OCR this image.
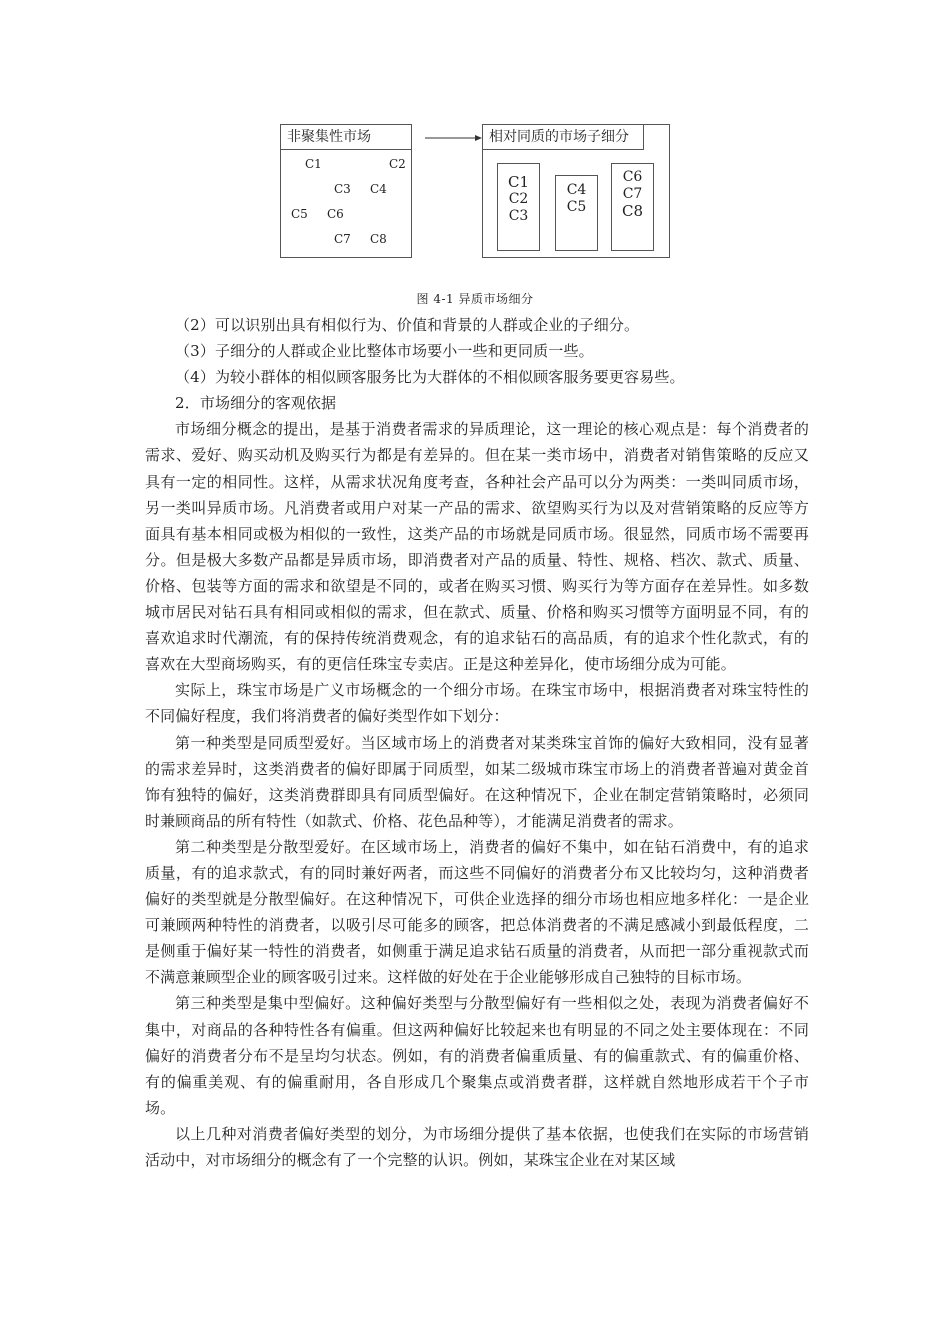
非聚集性市场
C1	C2
C3 C4
C5 C6
C7 C8
相对同质的市场子细分
C1
C2
C3
C4
C5
C6
C7
C8
图 4-1 异质市场细分

（2）可以识别出具有相似行为、价值和背景的人群或企业的子细分。

（3）子细分的人群或企业比整体市场要小一些和更同质一些。

（4）为较小群体的相似顾客服务比为大群体的不相似顾客服务要更容易些。

2．市场细分的客观依据

市场细分概念的提出，是基于消费者需求的异质理论，这一理论的核心观点是：每个消费者的需求、爱好、购买动机及购买行为都是有差异的。但在某一类市场中，消费者对销售策略的反应又具有一定的相同性。这样，从需求状况角度考查，各种社会产品可以分为两类：一类叫同质市场，另一类叫异质市场。凡消费者或用户对某一产品的需求、欲望购买行为以及对营销策略的反应等方面具有基本相同或极为相似的一致性，这类产品的市场就是同质市场。很显然，同质市场不需要再分。但是极大多数产品都是异质市场，即消费者对产品的质量、特性、规格、档次、款式、质量、价格、包装等方面的需求和欲望是不同的，或者在购买习惯、购买行为等方面存在差异性。如多数城市居民对钻石具有相同或相似的需求，但在款式、质量、价格和购买习惯等方面明显不同，有的喜欢追求时代潮流，有的保持传统消费观念，有的追求钻石的高品质，有的追求个性化款式，有的喜欢在大型商场购买，有的更信任珠宝专卖店。正是这种差异化，使市场细分成为可能。

实际上，珠宝市场是广义市场概念的一个细分市场。在珠宝市场中，根据消费者对珠宝特性的不同偏好程度，我们将消费者的偏好类型作如下划分：

第一种类型是同质型爱好。当区域市场上的消费者对某类珠宝首饰的偏好大致相同，没有显著的需求差异时，这类消费者的偏好即属于同质型，如某二级城市珠宝市场上的消费者普遍对黄金首饰有独特的偏好，这类消费群即具有同质型偏好。在这种情况下，企业在制定营销策略时，必须同时兼顾商品的所有特性（如款式、价格、花色品种等），才能满足消费者的需求。

第二种类型是分散型爱好。在区域市场上，消费者的偏好不集中，如在钻石消费中，有的追求质量，有的追求款式，有的同时兼好两者，而这些不同偏好的消费者分布又比较均匀，这种消费者偏好的类型就是分散型偏好。在这种情况下，可供企业选择的细分市场也相应地多样化：一是企业可兼顾两种特性的消费者，以吸引尽可能多的顾客，把总体消费者的不满足感减小到最低程度，二是侧重于偏好某一特性的消费者，如侧重于满足追求钻石质量的消费者，从而把一部分重视款式而不满意兼顾型企业的顾客吸引过来。这样做的好处在于企业能够形成自己独特的目标市场。

第三种类型是集中型偏好。这种偏好类型与分散型偏好有一些相似之处，表现为消费者偏好不集中，对商品的各种特性各有偏重。但这两种偏好比较起来也有明显的不同之处主要体现在：不同偏好的消费者分布不是呈均匀状态。例如，有的消费者偏重质量、有的偏重款式、有的偏重价格、有的偏重美观、有的偏重耐用，各自形成几个聚集点或消费者群，这样就自然地形成若干个子市场。

以上几种对消费者偏好类型的划分，为市场细分提供了基本依据，也使我们在实际的市场营销活动中，对市场细分的概念有了一个完整的认识。例如，某珠宝企业在对某区域
